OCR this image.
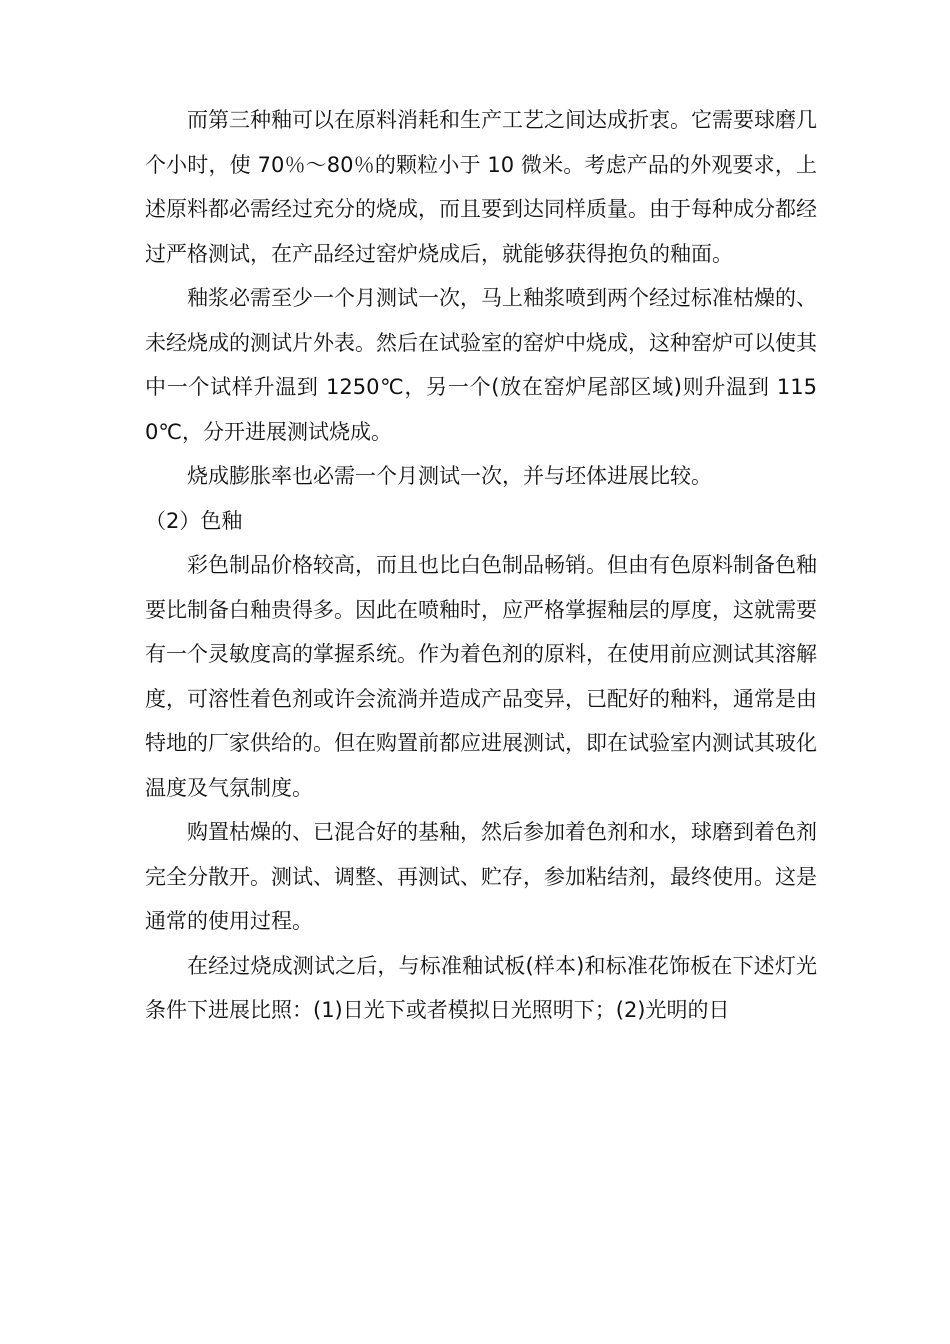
而第三种釉可以在原料消耗和生产工艺之间达成折衷。它需要球磨几个小时，使 70％～80％的颗粒小于 10 微米。考虑产品的外观要求，上述原料都必需经过充分的烧成，而且要到达同样质量。由于每种成分都经过严格测试，在产品经过窑炉烧成后，就能够获得抱负的釉面。

釉浆必需至少一个月测试一次，马上釉浆喷到两个经过标准枯燥的、未经烧成的测试片外表。然后在试验室的窑炉中烧成，这种窑炉可以使其中一个试样升温到 1250℃，另一个(放在窑炉尾部区域)则升温到 1150℃，分开进展测试烧成。

烧成膨胀率也必需一个月测试一次，并与坯体进展比较。

（2）色釉

彩色制品价格较高，而且也比白色制品畅销。但由有色原料制备色釉要比制备白釉贵得多。因此在喷釉时，应严格掌握釉层的厚度，这就需要有一个灵敏度高的掌握系统。作为着色剂的原料，在使用前应测试其溶解度，可溶性着色剂或许会流淌并造成产品变异，已配好的釉料，通常是由特地的厂家供给的。但在购置前都应进展测试，即在试验室内测试其玻化温度及气氛制度。

购置枯燥的、已混合好的基釉，然后参加着色剂和水，球磨到着色剂完全分散开。测试、调整、再测试、贮存，参加粘结剂，最终使用。这是通常的使用过程。

在经过烧成测试之后，与标准釉试板(样本)和标准花饰板在下述灯光条件下进展比照：(1)日光下或者模拟日光照明下；(2)光明的日
